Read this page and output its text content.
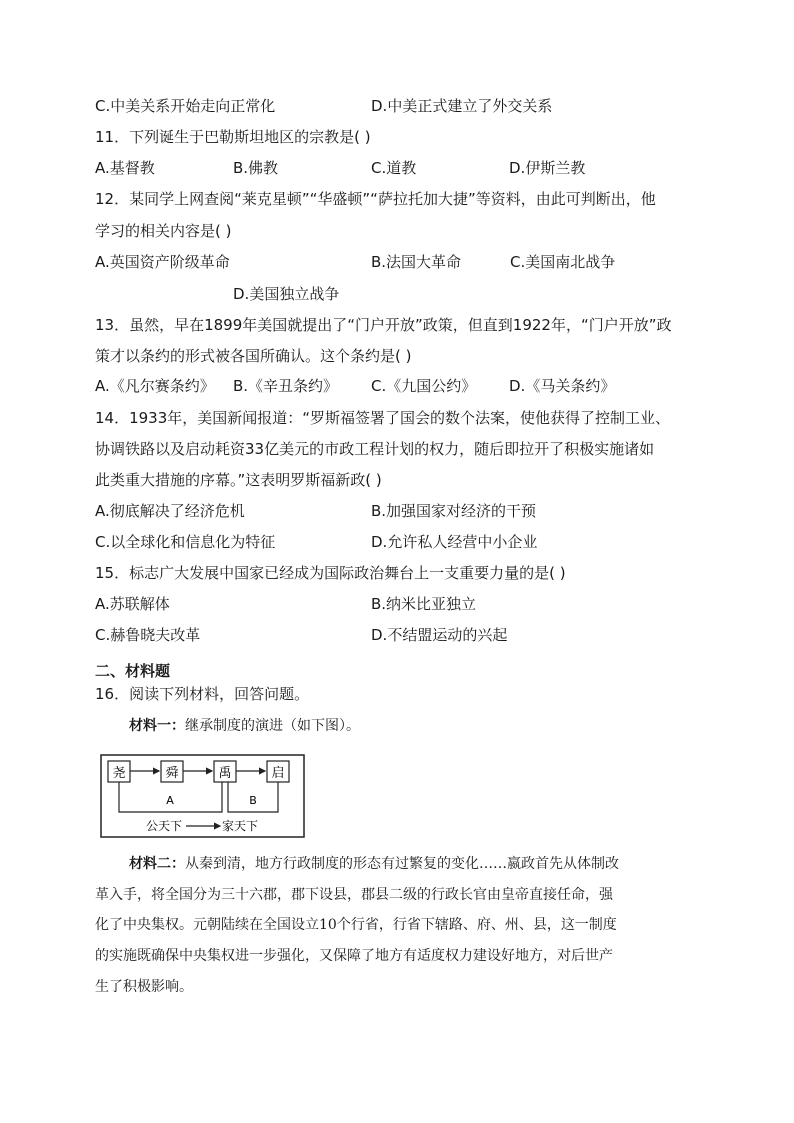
C.中美关系开始走向正常化	D.中美正式建立了外交关系
11．下列诞生于巴勒斯坦地区的宗教是( )
A.基督教	B.佛教	C.道教	D.伊斯兰教
12．某同学上网查阅“莱克星顿”“华盛顿”“萨拉托加大捷”等资料，由此可判断出，他
学习的相关内容是( )
A.英国资产阶级革命	B.法国大革命	C.美国南北战争
D.美国独立战争
13．虽然，早在1899年美国就提出了“门户开放”政策，但直到1922年，“门户开放”政
策才以条约的形式被各国所确认。这个条约是( )
A.《凡尔赛条约》 B.《辛丑条约》 C.《九国公约》 D.《马关条约》
14．1933年，美国新闻报道：“罗斯福签署了国会的数个法案，使他获得了控制工业、
协调铁路以及启动耗资33亿美元的市政工程计划的权力，随后即拉开了积极实施诸如
此类重大措施的序幕。”这表明罗斯福新政( )
A.彻底解决了经济危机	B.加强国家对经济的干预
C.以全球化和信息化为特征	D.允许私人经营中小企业
15．标志广大发展中国家已经成为国际政治舞台上一支重要力量的是( )
A.苏联解体	B.纳米比亚独立
C.赫鲁晓夫改革	D.不结盟运动的兴起
二、材料题
16．阅读下列材料，回答问题。
材料一：继承制度的演进（如下图）。
尧	舜	禹	启
A	B
公天下	家天下
材料二：从秦到清，地方行政制度的形态有过繁复的变化……嬴政首先从体制改
革入手，将全国分为三十六郡，郡下设县，郡县二级的行政长官由皇帝直接任命，强
化了中央集权。元朝陆续在全国设立10个行省，行省下辖路、府、州、县，这一制度
的实施既确保中央集权进一步强化，又保障了地方有适度权力建设好地方，对后世产
生了积极影响。
